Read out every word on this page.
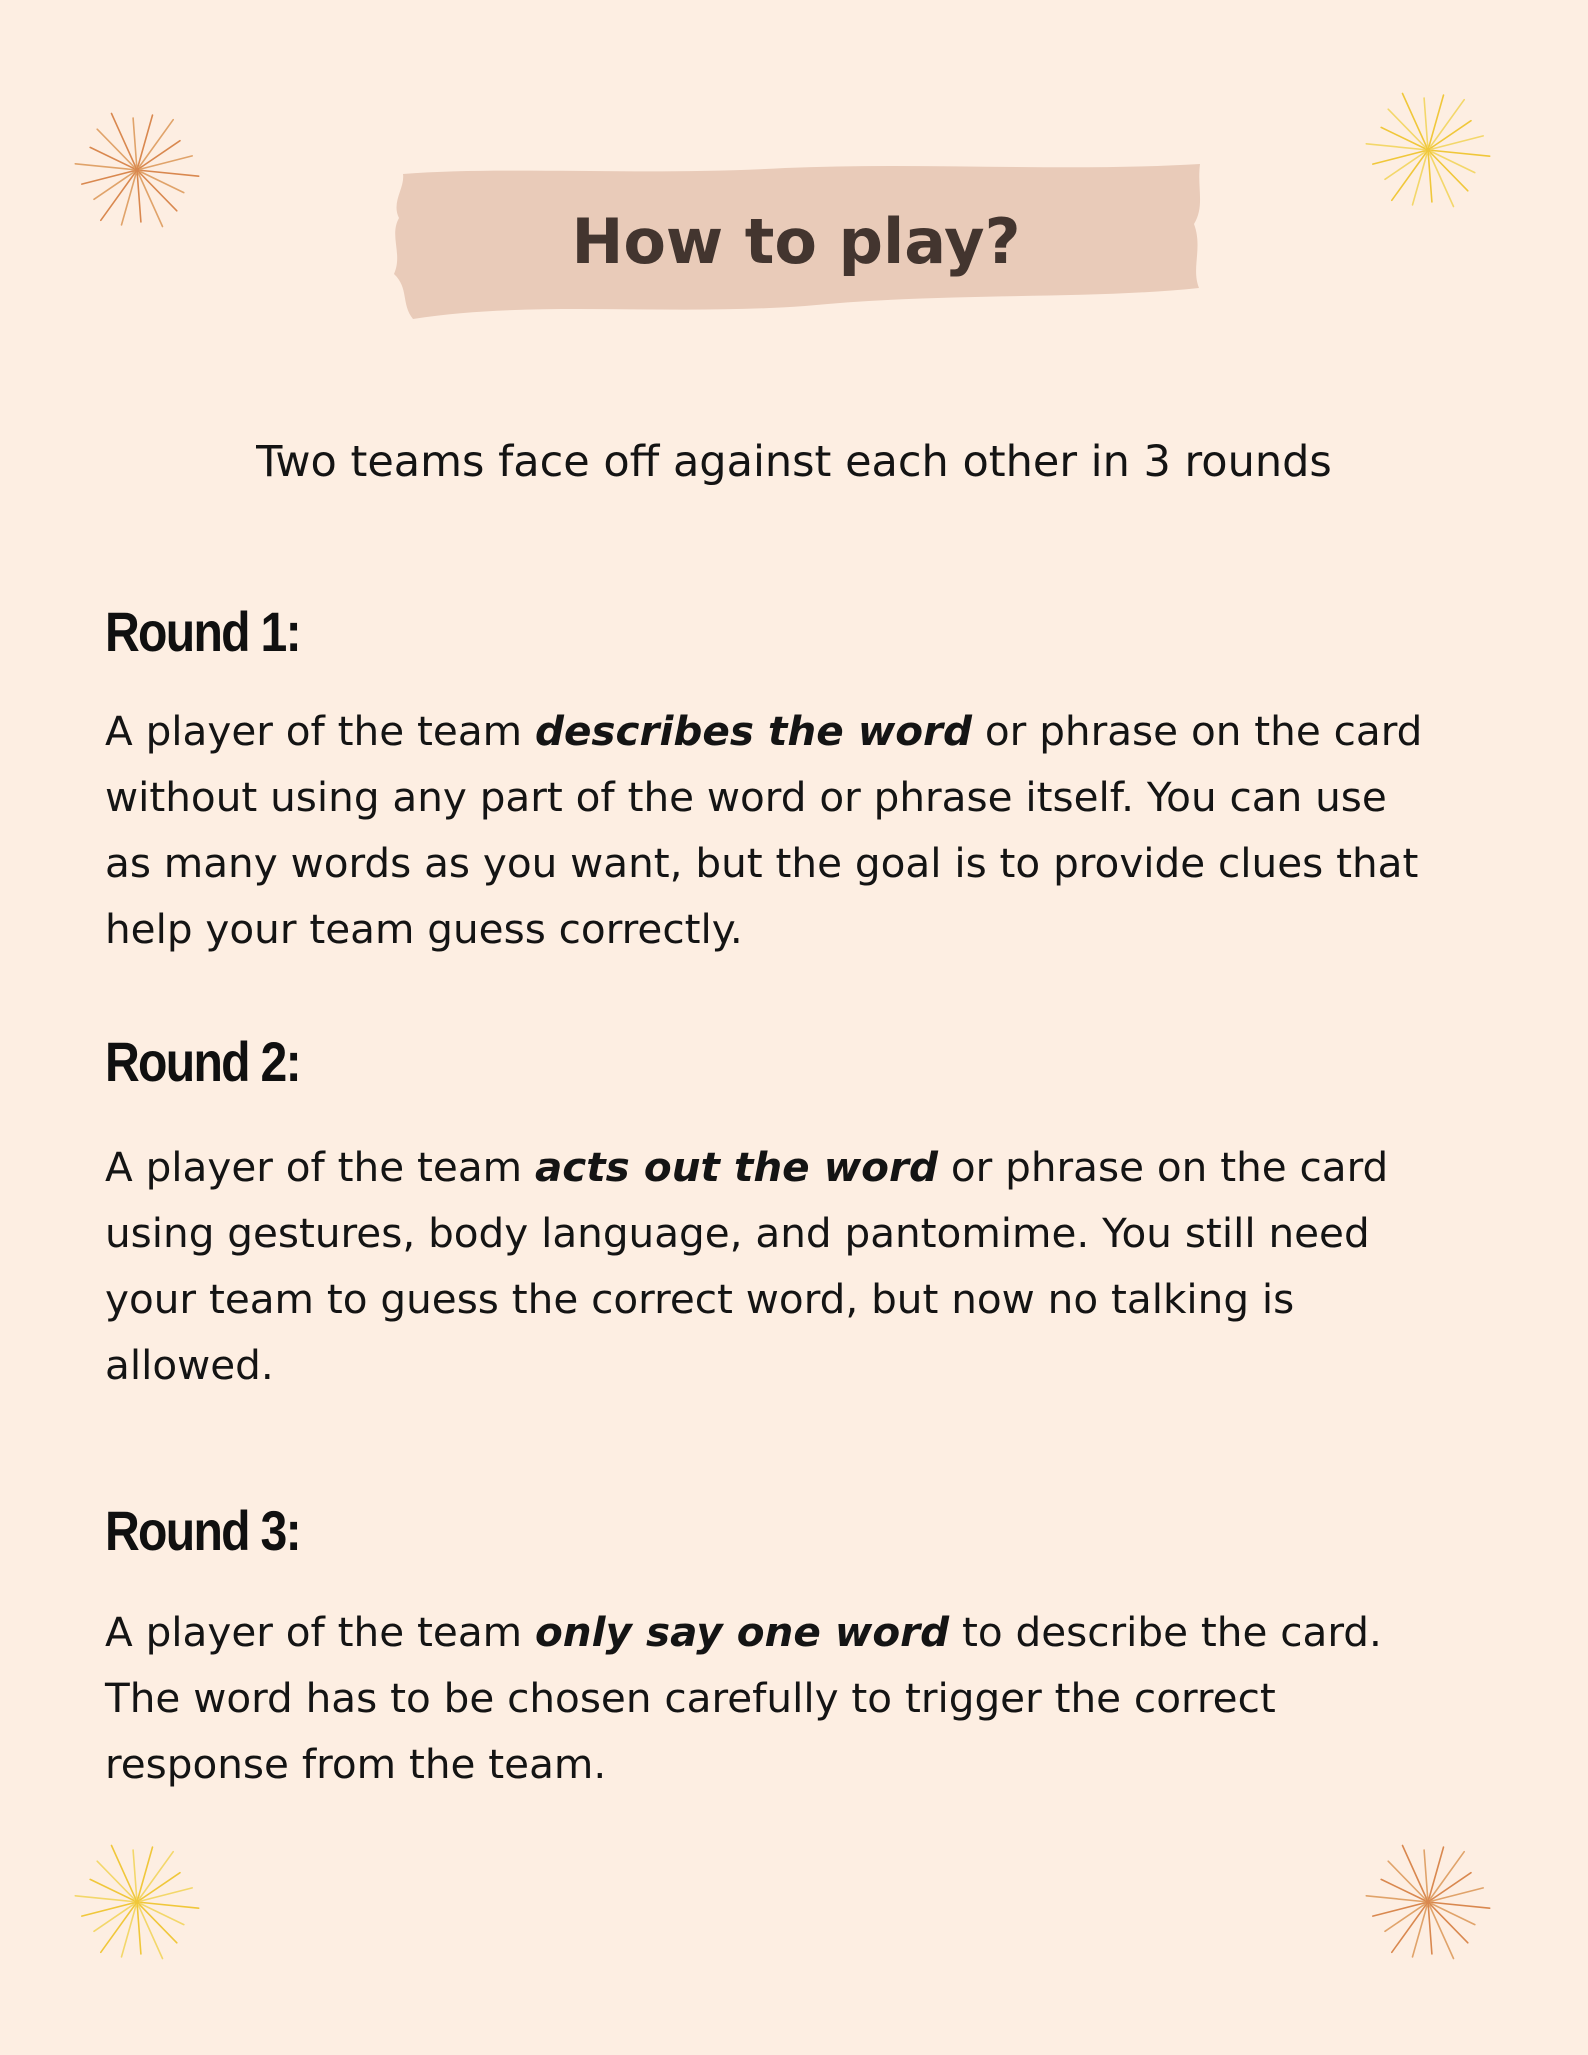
How to play?

Two teams face off against each other in 3 rounds

Round 1:

A player of the team describes the word or phrase on the card without using any part of the word or phrase itself. You can use as many words as you want, but the goal is to provide clues that help your team guess correctly.

Round 2:

A player of the team acts out the word or phrase on the card using gestures, body language, and pantomime. You still need your team to guess the correct word, but now no talking is allowed.

Round 3:

A player of the team only say one word to describe the card. The word has to be chosen carefully to trigger the correct response from the team.
